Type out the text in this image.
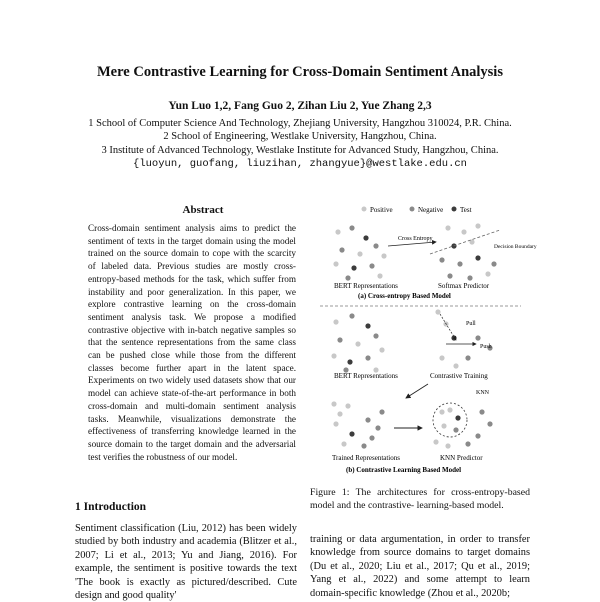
Mere Contrastive Learning for Cross-Domain Sentiment Analysis
Yun Luo 1,2, Fang Guo 2, Zihan Liu 2, Yue Zhang 2,3
1 School of Computer Science And Technology, Zhejiang University, Hangzhou 310024, P.R. China.
2 School of Engineering, Westlake University, Hangzhou, China.
3 Institute of Advanced Technology, Westlake Institute for Advanced Study, Hangzhou, China.
{luoyun, guofang, liuzihan, zhangyue}@westlake.edu.cn
Abstract

Cross-domain sentiment analysis aims to predict the sentiment of texts in the target domain using the model trained on the source domain to cope with the scarcity of labeled data. Previous studies are mostly cross-entropy-based methods for the task, which suffer from instability and poor generalization. In this paper, we explore contrastive learning on the cross-domain sentiment analysis task. We propose a modified contrastive objective with in-batch negative samples so that the sentence representations from the same class can be pushed close while those from the different classes become further apart in the latent space. Experiments on two widely used datasets show that our model can achieve state-of-the-art performance in both cross-domain and multi-domain sentiment analysis tasks. Meanwhile, visualizations demonstrate the effectiveness of transferring knowledge learned in the source domain to the target domain and the adversarial test verifies the robustness of our model.

1 Introduction

Sentiment classification (Liu, 2012) has been widely studied by both industry and academia (Blitzer et al., 2007; Li et al., 2013; Yu and Jiang, 2016). For example, the sentiment is positive towards the text 'The book is exactly as pictured/described. Cute design and good quality'

Positive	Negative Test
Cross Entropy
Decision Boundary
BERT Representations	Softmax Predictor
(a) Cross-entropy Based Model
Pull
Push
BERT Representations	Contrastive Training
KNN
Trained Representations	KNN Predictor
(b) Contrastive Learning Based Model

Figure 1: The architectures for cross-entropy-based model and the contrastive- learning-based model.

training or data argumentation, in order to transfer knowledge from source domains to target domains (Du et al., 2020; Liu et al., 2017; Qu et al., 2019; Yang et al., 2022) and some attempt to learn domain-specific knowledge (Zhou et al., 2020b;
